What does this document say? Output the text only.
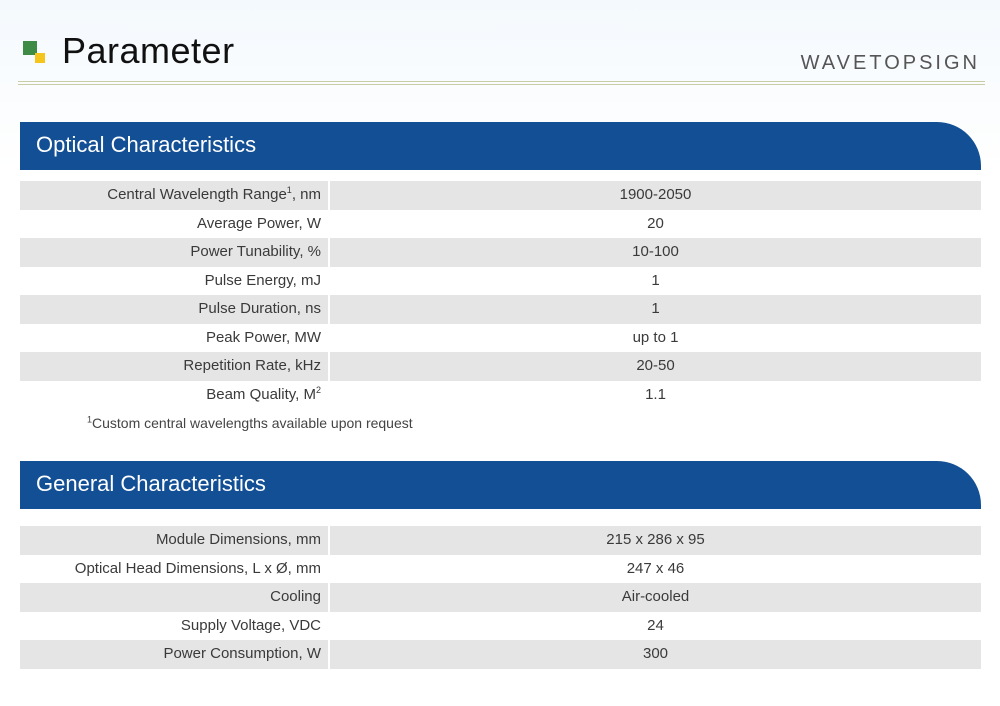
Parameter	WAVETOPSIGN
Optical Characteristics
Central Wavelength Range$^1$, nm	1900-2050
Average Power, W	20
Power Tunability, %	10-100
Pulse Energy, mJ	1
Pulse Duration, ns	1
Peak Power, MW	up to 1
Repetition Rate, kHz	20-50
Beam Quality, $M^2$	1.1
$^1$Custom central wavelengths available upon request
General Characteristics
Module Dimensions, mm	215 x 286 x 95
Optical Head Dimensions, L x Ø, mm	247 x 46
Cooling	Air-cooled
Supply Voltage, VDC	24
Power Consumption, W	300
